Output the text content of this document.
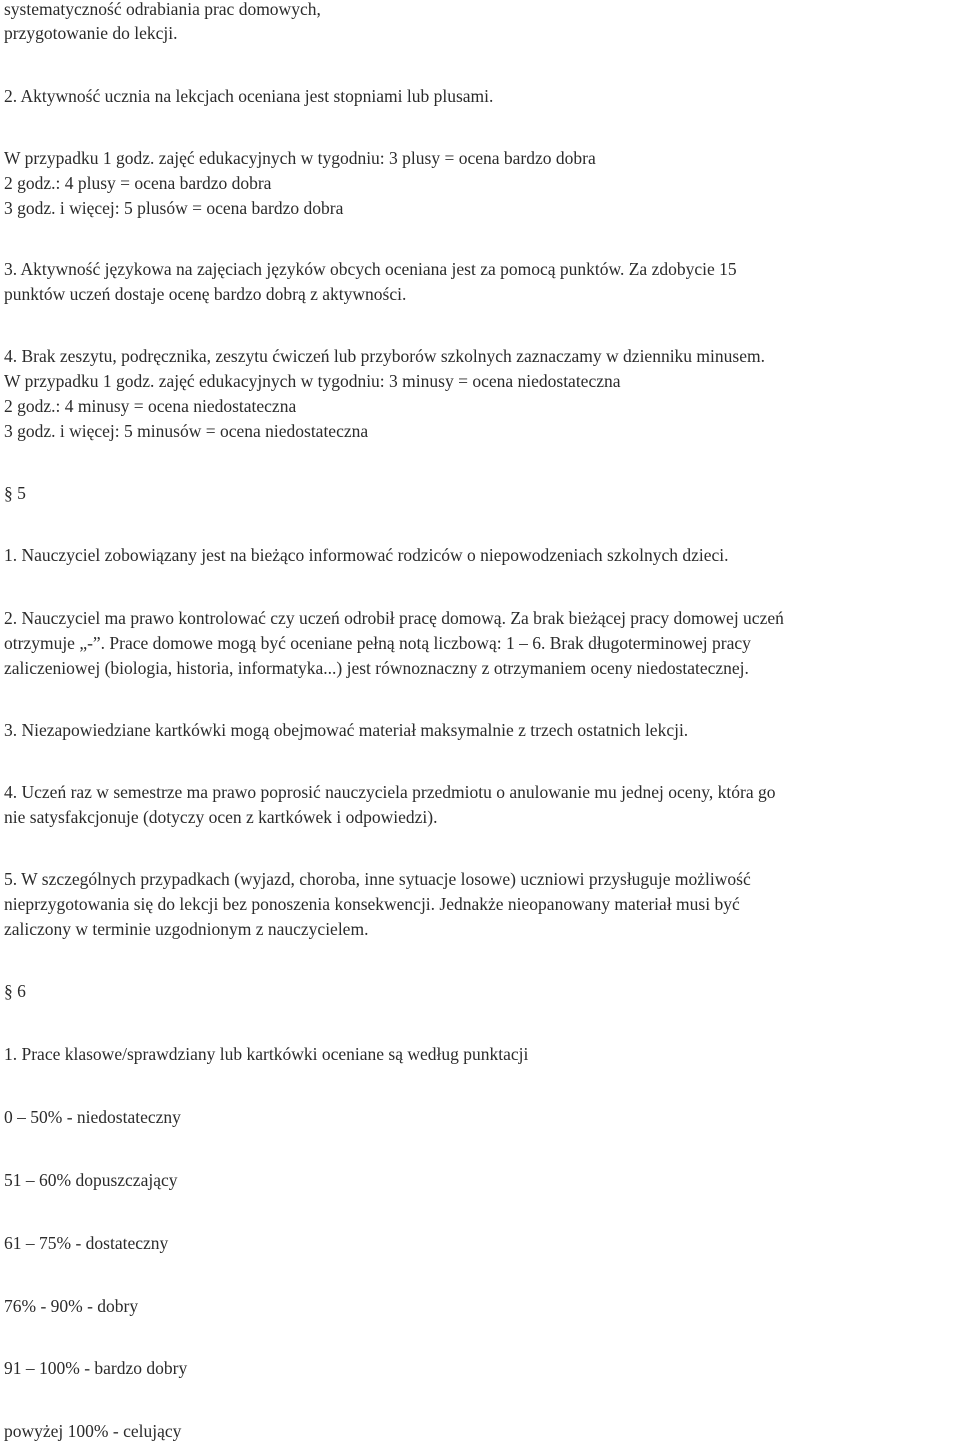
systematyczność odrabiania prac domowych,
przygotowanie do lekcji.
2. Aktywność ucznia na lekcjach oceniana jest stopniami lub plusami.
W przypadku 1 godz. zajęć edukacyjnych w tygodniu: 3 plusy = ocena bardzo dobra
2 godz.: 4 plusy = ocena bardzo dobra
3 godz. i więcej: 5 plusów = ocena bardzo dobra
3. Aktywność językowa na zajęciach języków obcych oceniana jest za pomocą punktów. Za zdobycie 15
punktów uczeń dostaje ocenę bardzo dobrą z aktywności.
4. Brak zeszytu, podręcznika, zeszytu ćwiczeń lub przyborów szkolnych zaznaczamy w dzienniku minusem.
W przypadku 1 godz. zajęć edukacyjnych w tygodniu: 3 minusy = ocena niedostateczna
2 godz.: 4 minusy = ocena niedostateczna
3 godz. i więcej: 5 minusów = ocena niedostateczna
§ 5
1. Nauczyciel zobowiązany jest na bieżąco informować rodziców o niepowodzeniach szkolnych dzieci.
2. Nauczyciel ma prawo kontrolować czy uczeń odrobił pracę domową. Za brak bieżącej pracy domowej uczeń
otrzymuje „-”. Prace domowe mogą być oceniane pełną notą liczbową: 1 – 6. Brak długoterminowej pracy
zaliczeniowej (biologia, historia, informatyka...) jest równoznaczny z otrzymaniem oceny niedostatecznej.
3. Niezapowiedziane kartkówki mogą obejmować materiał maksymalnie z trzech ostatnich lekcji.
4. Uczeń raz w semestrze ma prawo poprosić nauczyciela przedmiotu o anulowanie mu jednej oceny, która go
nie satysfakcjonuje (dotyczy ocen z kartkówek i odpowiedzi).
5. W szczególnych przypadkach (wyjazd, choroba, inne sytuacje losowe) uczniowi przysługuje możliwość
nieprzygotowania się do lekcji bez ponoszenia konsekwencji. Jednakże nieopanowany materiał musi być
zaliczony w terminie uzgodnionym z nauczycielem.
§ 6
1. Prace klasowe/sprawdziany lub kartkówki oceniane są według punktacji
0 – 50% - niedostateczny
51 – 60% dopuszczający
61 – 75% - dostateczny
76% - 90% - dobry
91 – 100% - bardzo dobry
powyżej 100% - celujący
